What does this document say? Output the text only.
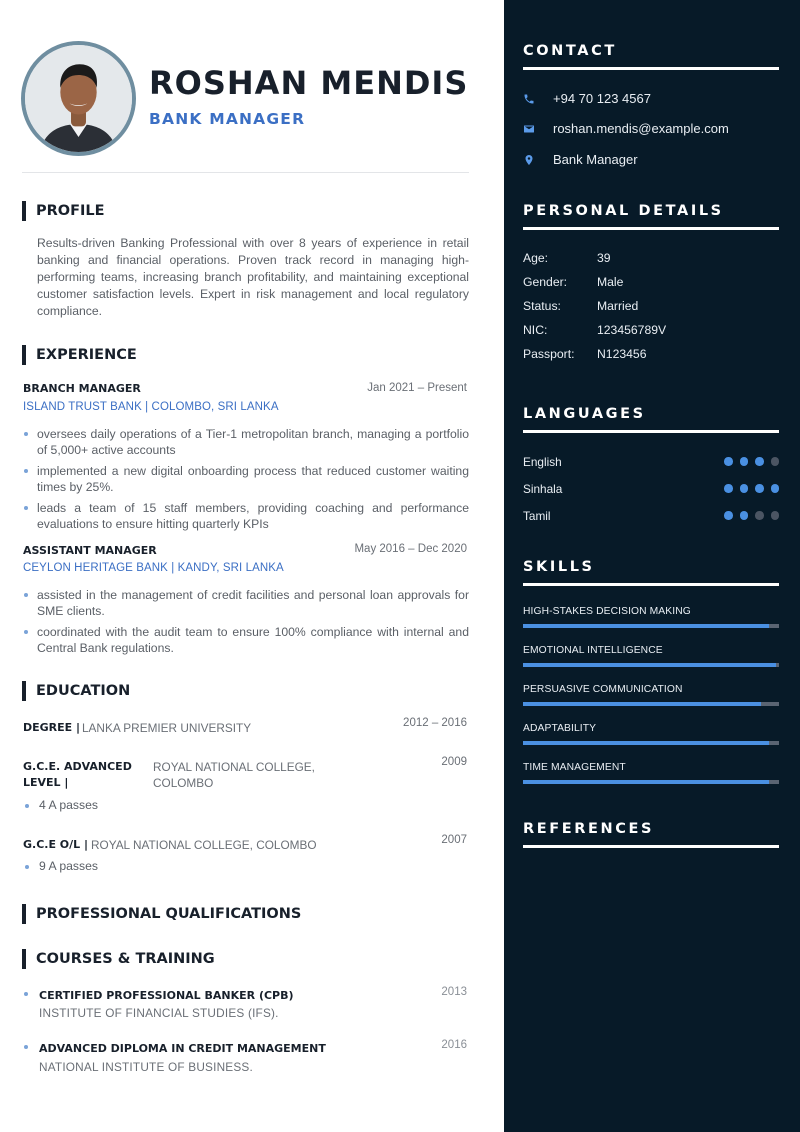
ROSHAN MENDIS
BANK MANAGER
PROFILE

Results-driven Banking Professional with over 8 years of experience in retail banking and financial operations. Proven track record in managing high-performing teams, increasing branch profitability, and maintaining exceptional customer satisfaction levels. Expert in risk management and local regulatory compliance.

EXPERIENCE
BRANCH MANAGER	Jan 2021 – Present
ISLAND TRUST BANK | COLOMBO, SRI LANKA
oversees daily operations of a Tier-1 metropolitan branch, managing a portfolio of 5,000+ active accounts
implemented a new digital onboarding process that reduced customer waiting times by 25%.
leads a team of 15 staff members, providing coaching and performance evaluations to ensure hitting quarterly KPIs
ASSISTANT MANAGER	May 2016 – Dec 2020
CEYLON HERITAGE BANK | KANDY, SRI LANKA
assisted in the management of credit facilities and personal loan approvals for SME clients.
coordinated with the audit team to ensure 100% compliance with internal and Central Bank regulations.
EDUCATION
DEGREE | LANKA PREMIER UNIVERSITY	2012 – 2016
G.C.E. ADVANCED LEVEL |
ROYAL NATIONAL COLLEGE, COLOMBO
2009
4 A passes
G.C.E O/L | ROYAL NATIONAL COLLEGE, COLOMBO	2007
9 A passes
PROFESSIONAL QUALIFICATIONS
COURSES & TRAINING
CERTIFIED PROFESSIONAL BANKER (CPB)	2013
INSTITUTE OF FINANCIAL STUDIES (IFS).
ADVANCED DIPLOMA IN CREDIT MANAGEMENT	2016
NATIONAL INSTITUTE OF BUSINESS.
CONTACT
+94 70 123 4567
roshan.mendis@example.com
Bank Manager
PERSONAL DETAILS
Age:	39
Gender: Male
Status:	Married
NIC:	123456789V
Passport: N123456
LANGUAGES
English
Sinhala
Tamil
SKILLS
HIGH-STAKES DECISION MAKING
EMOTIONAL INTELLIGENCE
PERSUASIVE COMMUNICATION
ADAPTABILITY
TIME MANAGEMENT
REFERENCES
